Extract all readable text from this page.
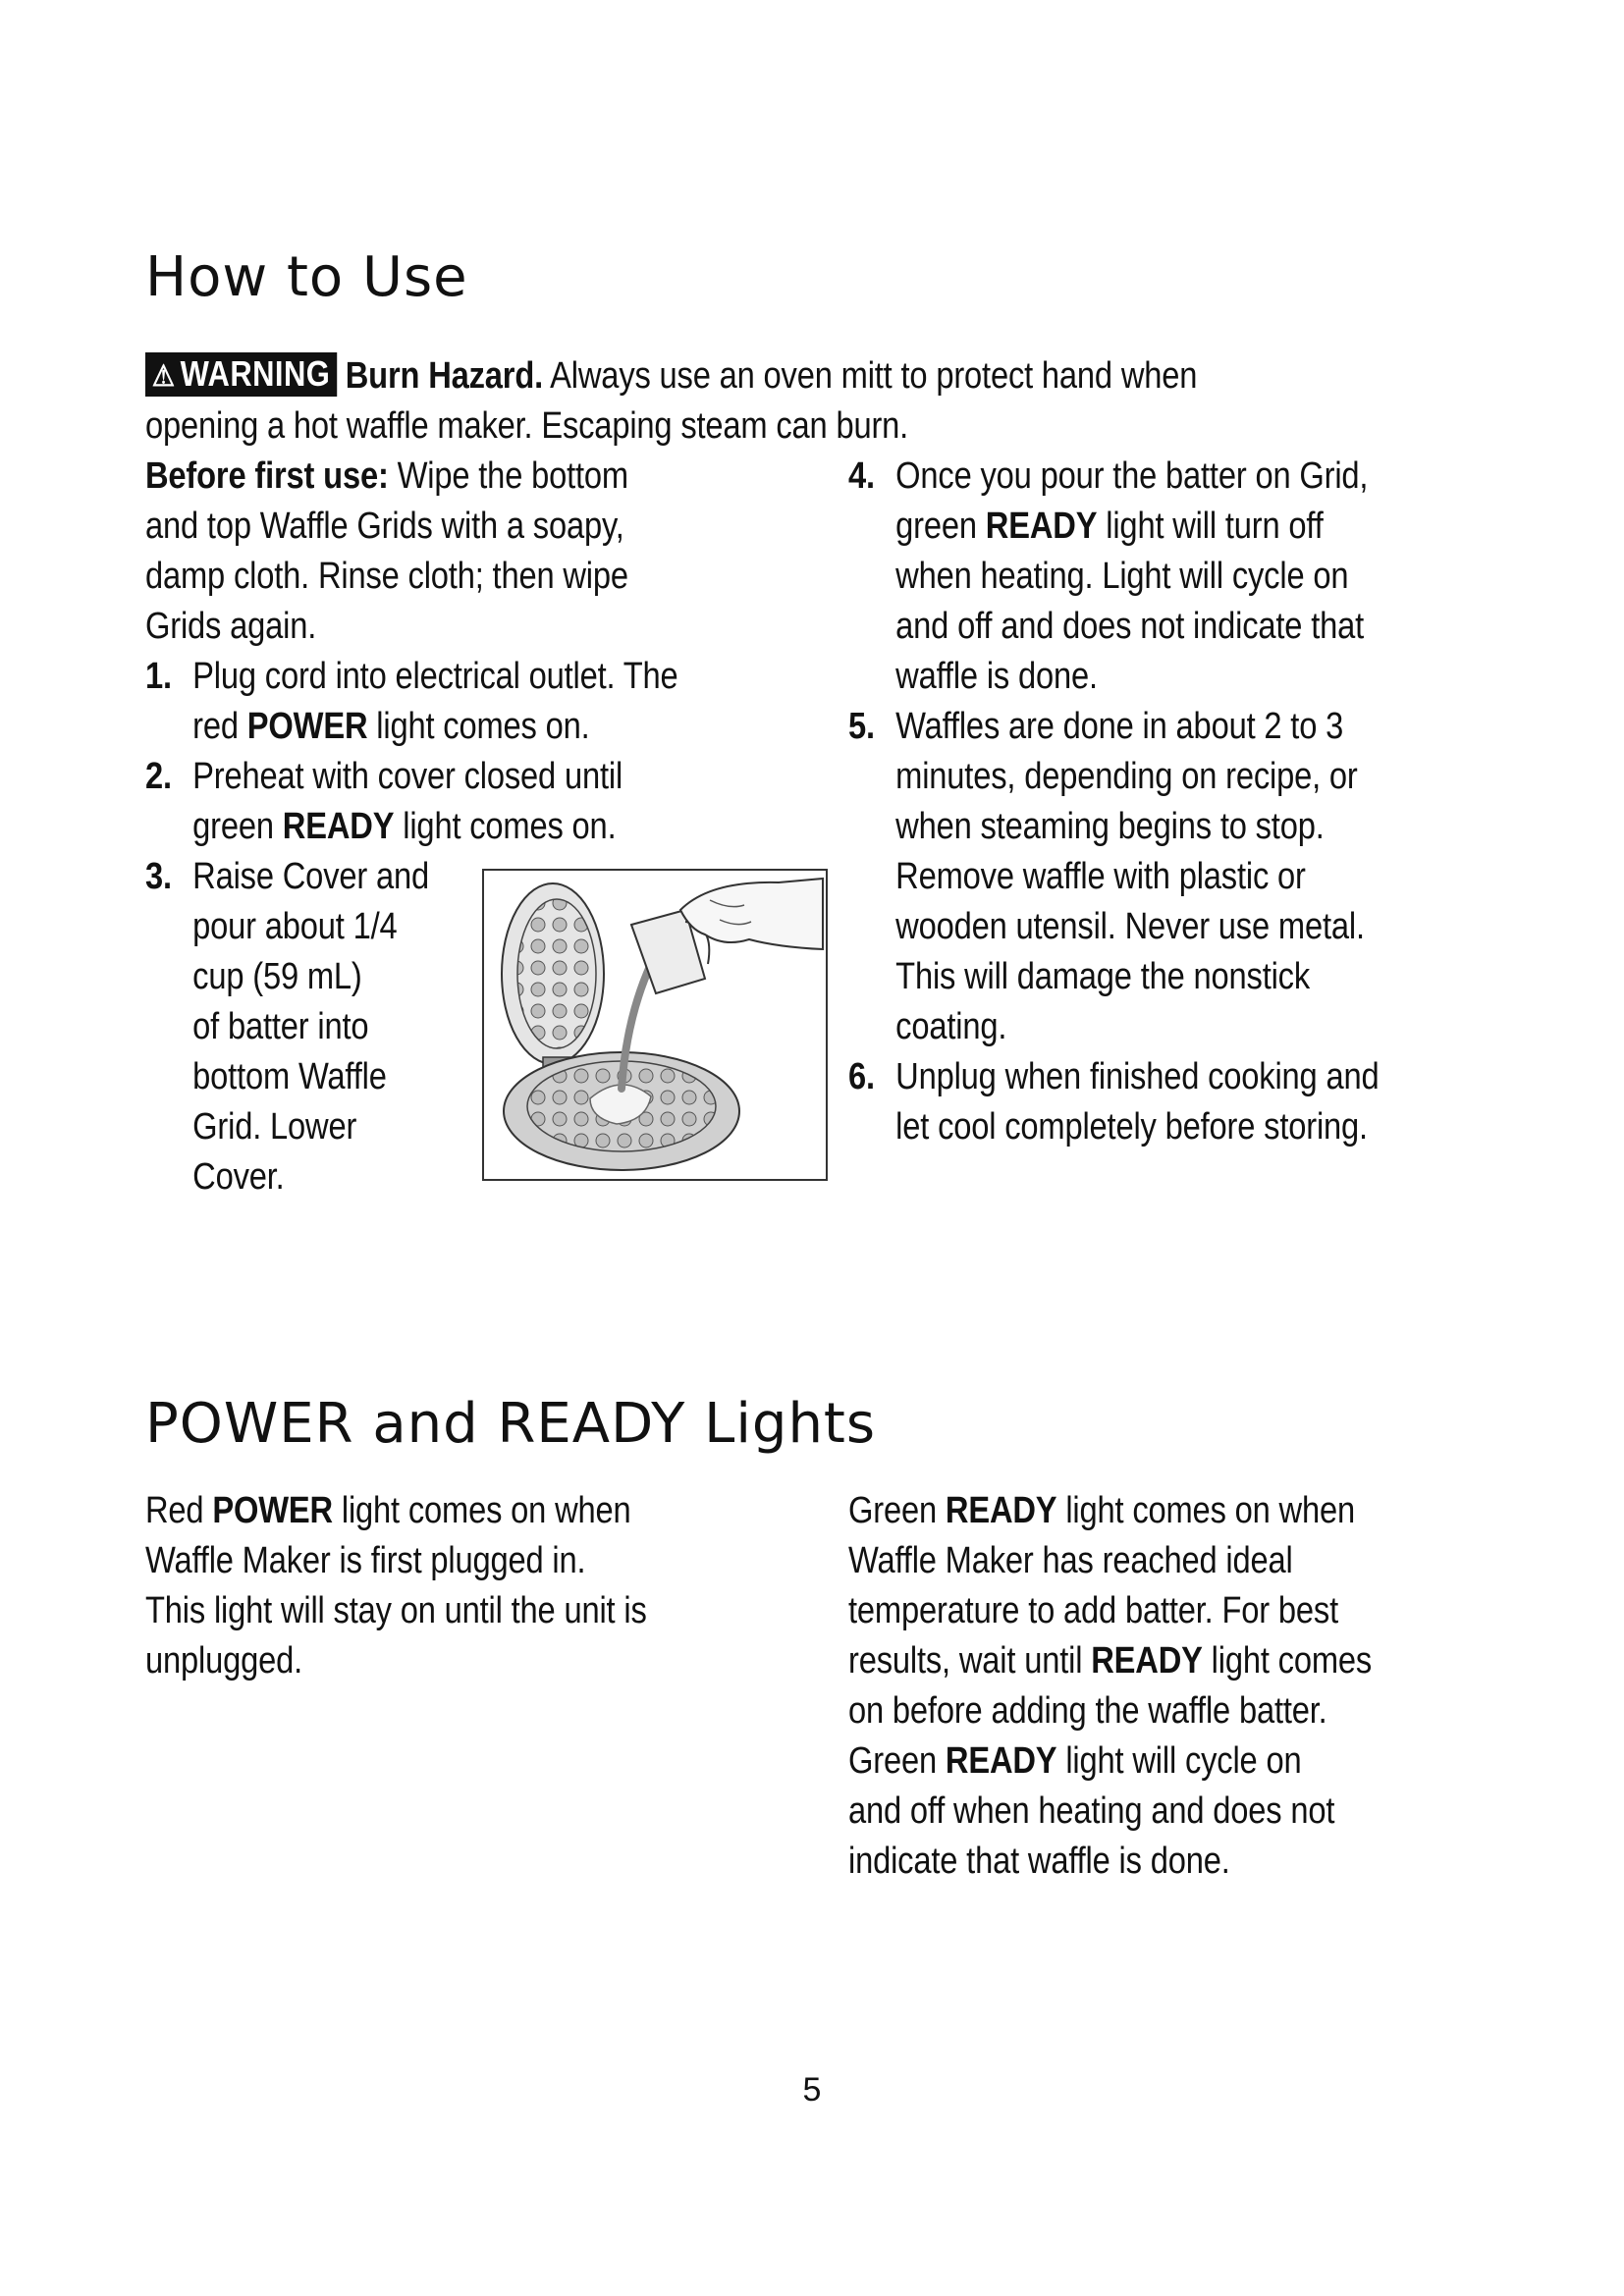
How to Use
⚠ WARNING Burn Hazard. Always use an oven mitt to protect hand when
opening a hot waffle maker. Escaping steam can burn.
Before first use: Wipe the bottom
and top Waffle Grids with a soapy,
damp cloth. Rinse cloth; then wipe
Grids again.
1. Plug cord into electrical outlet. The
red POWER light comes on.
2. Preheat with cover closed until
green READY light comes on.
3. Raise Cover and
pour about 1/4
cup (59 mL)
of batter into
bottom Waffle
Grid. Lower
Cover.
4. Once you pour the batter on Grid,
green READY light will turn off
when heating. Light will cycle on
and off and does not indicate that
waffle is done.
5. Waffles are done in about 2 to 3
minutes, depending on recipe, or
when steaming begins to stop.
Remove waffle with plastic or
wooden utensil. Never use metal.
This will damage the nonstick
coating.
6. Unplug when finished cooking and
let cool completely before storing.
POWER and READY Lights
Red POWER light comes on when
Waffle Maker is first plugged in.
This light will stay on until the unit is
unplugged.
Green READY light comes on when
Waffle Maker has reached ideal
temperature to add batter. For best
results, wait until READY light comes
on before adding the waffle batter.
Green READY light will cycle on
and off when heating and does not
indicate that waffle is done.
5
